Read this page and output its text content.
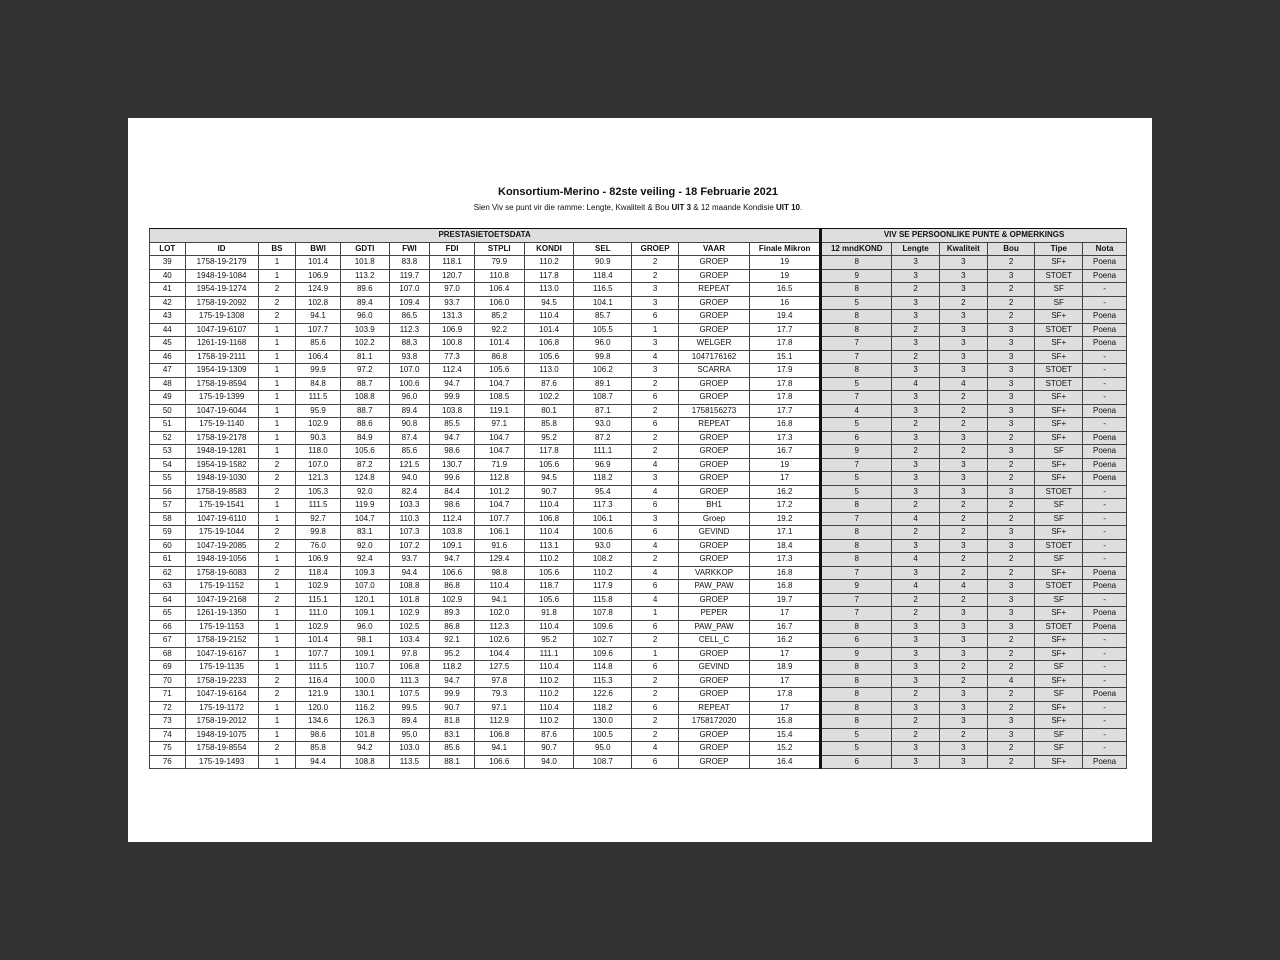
Konsortium-Merino - 82ste veiling - 18 Februarie 2021
Sien Viv se punt vir die ramme: Lengte, Kwaliteit & Bou UIT 3 & 12 maande Kondisie UIT 10.
PRESTASIETOETSDATA													VIV SE PERSOONLIKE PUNTE & OPMERKINGS					
LOT	ID	BS	BWI	GDTI	FWI	FDI	STPLI	KONDI	SEL	GROEP	VAAR	Finale Mikron	12 mndKOND	Lengte	Kwaliteit	Bou	Tipe	Nota
39	1758-19-2179	1	101.4	101.8	83.8	118.1	79.9	110.2	90.9	2	GROEP	19	8	3	3	2	SF+	Poena
40	1948-19-1084	1	106.9	113.2	119.7	120.7	110.8	117.8	118.4	2	GROEP	19	9	3	3	3	STOET	Poena
41	1954-19-1274	2	124.9	89.6	107.0	97.0	106.4	113.0	116.5	3	REPEAT	16.5	8	2	3	2	SF	-
42	1758-19-2092	2	102.8	89.4	109.4	93.7	106.0	94.5	104.1	3	GROEP	16	5	3	2	2	SF	-
43	175-19-1308	2	94.1	96.0	86.5	131.3	85.2	110.4	85.7	6	GROEP	19.4	8	3	3	2	SF+	Poena
44	1047-19-6107	1	107.7	103.9	112.3	106.9	92.2	101.4	105.5	1	GROEP	17.7	8	2	3	3	STOET	Poena
45	1261-19-1168	1	85.6	102.2	88.3	100.8	101.4	106.8	96.0	3	WELGER	17.8	7	3	3	3	SF+	Poena
46	1758-19-2111	1	106.4	81.1	93.8	77.3	86.8	105.6	99.8	4	1047176162	15.1	7	2	3	3	SF+	-
47	1954-19-1309	1	99.9	97.2	107.0	112.4	105.6	113.0	106.2	3	SCARRA	17.9	8	3	3	3	STOET	-
48	1758-19-8594	1	84.8	88.7	100.6	94.7	104.7	87.6	89.1	2	GROEP	17.8	5	4	4	3	STOET	-
49	175-19-1399	1	111.5	108.8	96.0	99.9	108.5	102.2	108.7	6	GROEP	17.8	7	3	2	3	SF+	-
50	1047-19-6044	1	95.9	88.7	89.4	103.8	119.1	80.1	87.1	2	1758156273	17.7	4	3	2	3	SF+	Poena
51	175-19-1140	1	102.9	88.6	90.8	85.5	97.1	85.8	93.0	6	REPEAT	16.8	5	2	2	3	SF+	-
52	1758-19-2178	1	90.3	84.9	87.4	94.7	104.7	95.2	87.2	2	GROEP	17.3	6	3	3	2	SF+	Poena
53	1948-19-1281	1	118.0	105.6	85.6	98.6	104.7	117.8	111.1	2	GROEP	16.7	9	2	2	3	SF	Poena
54	1954-19-1582	2	107.0	87.2	121.5	130.7	71.9	105.6	96.9	4	GROEP	19	7	3	3	2	SF+	Poena
55	1948-19-1030	2	121.3	124.8	94.0	99.6	112.8	94.5	118.2	3	GROEP	17	5	3	3	2	SF+	Poena
56	1758-19-8583	2	105.3	92.0	82.4	84.4	101.2	90.7	95.4	4	GROEP	16.2	5	3	3	3	STOET	-
57	175-19-1541	1	111.5	119.9	103.3	98.6	104.7	110.4	117.3	6	BH1	17.2	8	2	2	2	SF	-
58	1047-19-6110	1	92.7	104.7	110.3	112.4	107.7	106.8	106.1	3	Groep	19.2	7	4	2	2	SF	-
59	175-19-1044	2	99.8	83.1	107.3	103.8	106.1	110.4	100.6	6	GEVIND	17.1	8	2	2	3	SF+	-
60	1047-19-2085	2	76.0	92.0	107.2	109.1	91.6	113.1	93.0	4	GROEP	18.4	8	3	3	3	STOET	-
61	1948-19-1056	1	106.9	92.4	93.7	94.7	129.4	110.2	108.2	2	GROEP	17.3	8	4	2	2	SF	-
62	1758-19-6083	2	118.4	109.3	94.4	106.6	98.8	105.6	110.2	4	VARKKOP	16.8	7	3	2	2	SF+	Poena
63	175-19-1152	1	102.9	107.0	108.8	86.8	110.4	118.7	117.9	6	PAW_PAW	16.8	9	4	4	3	STOET	Poena
64	1047-19-2168	2	115.1	120.1	101.8	102.9	94.1	105.6	115.8	4	GROEP	19.7	7	2	2	3	SF	-
65	1261-19-1350	1	111.0	109.1	102.9	89.3	102.0	91.8	107.8	1	PEPER	17	7	2	3	3	SF+	Poena
66	175-19-1153	1	102.9	96.0	102.5	86.8	112.3	110.4	109.6	6	PAW_PAW	16.7	8	3	3	3	STOET	Poena
67	1758-19-2152	1	101.4	98.1	103.4	92.1	102.6	95.2	102.7	2	CELL_C	16.2	6	3	3	2	SF+	-
68	1047-19-6167	1	107.7	109.1	97.8	95.2	104.4	111.1	109.6	1	GROEP	17	9	3	3	2	SF+	-
69	175-19-1135	1	111.5	110.7	106.8	118.2	127.5	110.4	114.8	6	GEVIND	18.9	8	3	2	2	SF	-
70	1758-19-2233	2	116.4	100.0	111.3	94.7	97.8	110.2	115.3	2	GROEP	17	8	3	2	4	SF+	-
71	1047-19-6164	2	121.9	130.1	107.5	99.9	79.3	110.2	122.6	2	GROEP	17.8	8	2	3	2	SF	Poena
72	175-19-1172	1	120.0	116.2	99.5	90.7	97.1	110.4	118.2	6	REPEAT	17	8	3	3	2	SF+	-
73	1758-19-2012	1	134.6	126.3	89.4	81.8	112.9	110.2	130.0	2	1758172020	15.8	8	2	3	3	SF+	-
74	1948-19-1075	1	98.6	101.8	95.0	83.1	106.8	87.6	100.5	2	GROEP	15.4	5	2	2	3	SF	-
75	1758-19-8554	2	85.8	94.2	103.0	85.6	94.1	90.7	95.0	4	GROEP	15.2	5	3	3	2	SF	-
76	175-19-1493	1	94.4	108.8	113.5	88.1	106.6	94.0	108.7	6	GROEP	16.4	6	3	3	2	SF+	Poena
